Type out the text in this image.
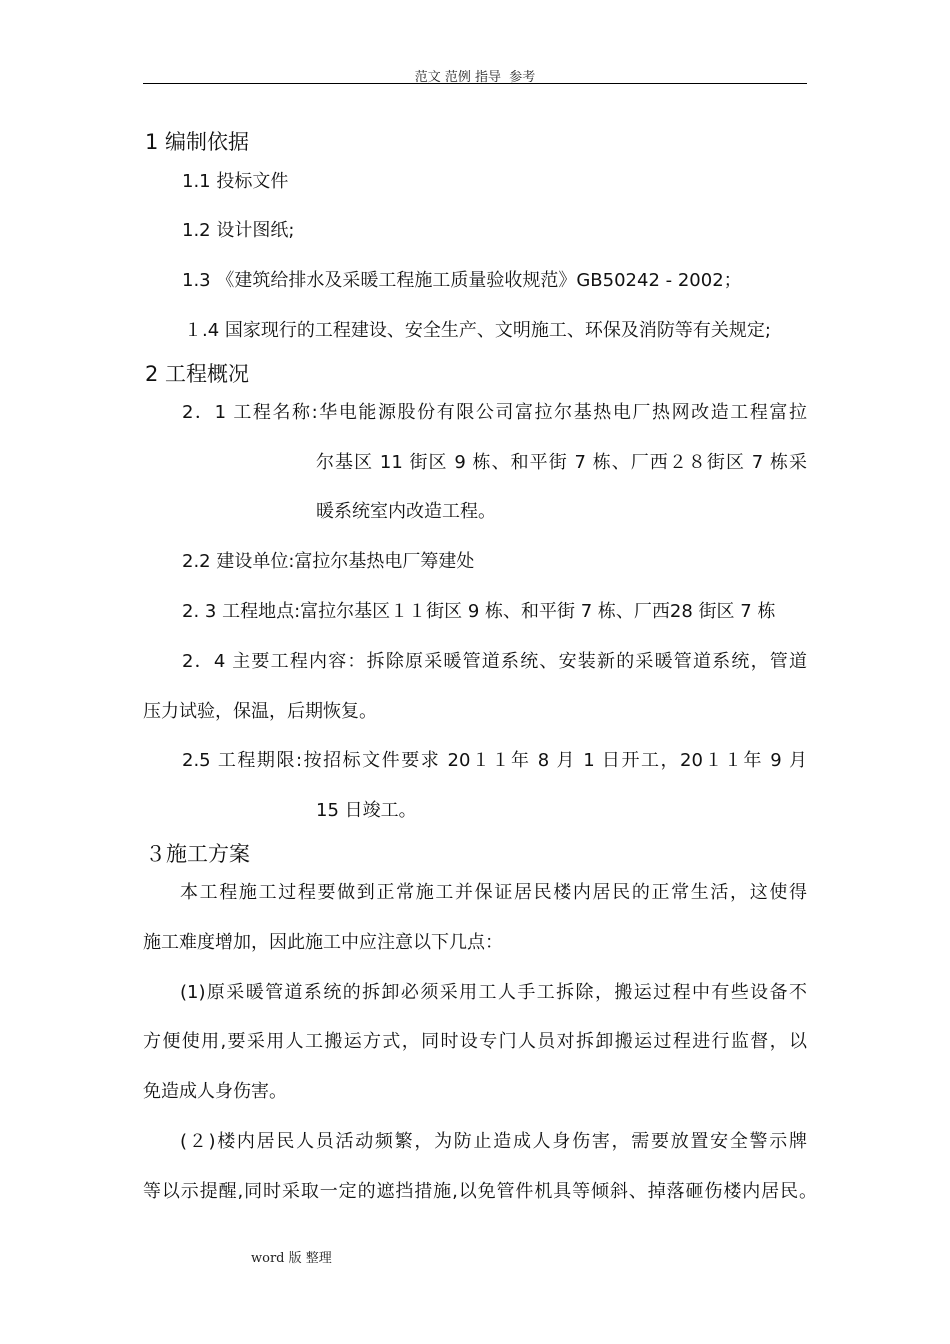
范文 范例 指导  参考
1 编制依据
1.1 投标文件
1.2 设计图纸;
1.3 《建筑给排水及采暖工程施工质量验收规范》GB50242 - 2002；
１.4 国家现行的工程建设、安全生产、文明施工、环保及消防等有关规定;
2 工程概况
2．1 工程名称:华电能源股份有限公司富拉尔基热电厂热网改造工程富拉
尔基区 11 街区 9 栋、和平街 7 栋、厂西２８街区 7 栋采
暖系统室内改造工程。
2.2 建设单位:富拉尔基热电厂筹建处
2. 3 工程地点:富拉尔基区１１街区 9 栋、和平街 7 栋、厂西28 街区 7 栋
2．4 主要工程内容：拆除原采暖管道系统、安装新的采暖管道系统，管道
压力试验，保温，后期恢复。
2.5 工程期限:按招标文件要求 20１１年 8 月 1 日开工，20１１年 9 月
15 日竣工。
３施工方案
本工程施工过程要做到正常施工并保证居民楼内居民的正常生活，这使得
施工难度增加，因此施工中应注意以下几点：
(1)原采暖管道系统的拆卸必须采用工人手工拆除，搬运过程中有些设备不
方便使用,要采用人工搬运方式，同时设专门人员对拆卸搬运过程进行监督，以
免造成人身伤害。
(２)楼内居民人员活动频繁，为防止造成人身伤害，需要放置安全警示牌
等以示提醒,同时采取一定的遮挡措施,以免管件机具等倾斜、掉落砸伤楼内居民。
word 版 整理
